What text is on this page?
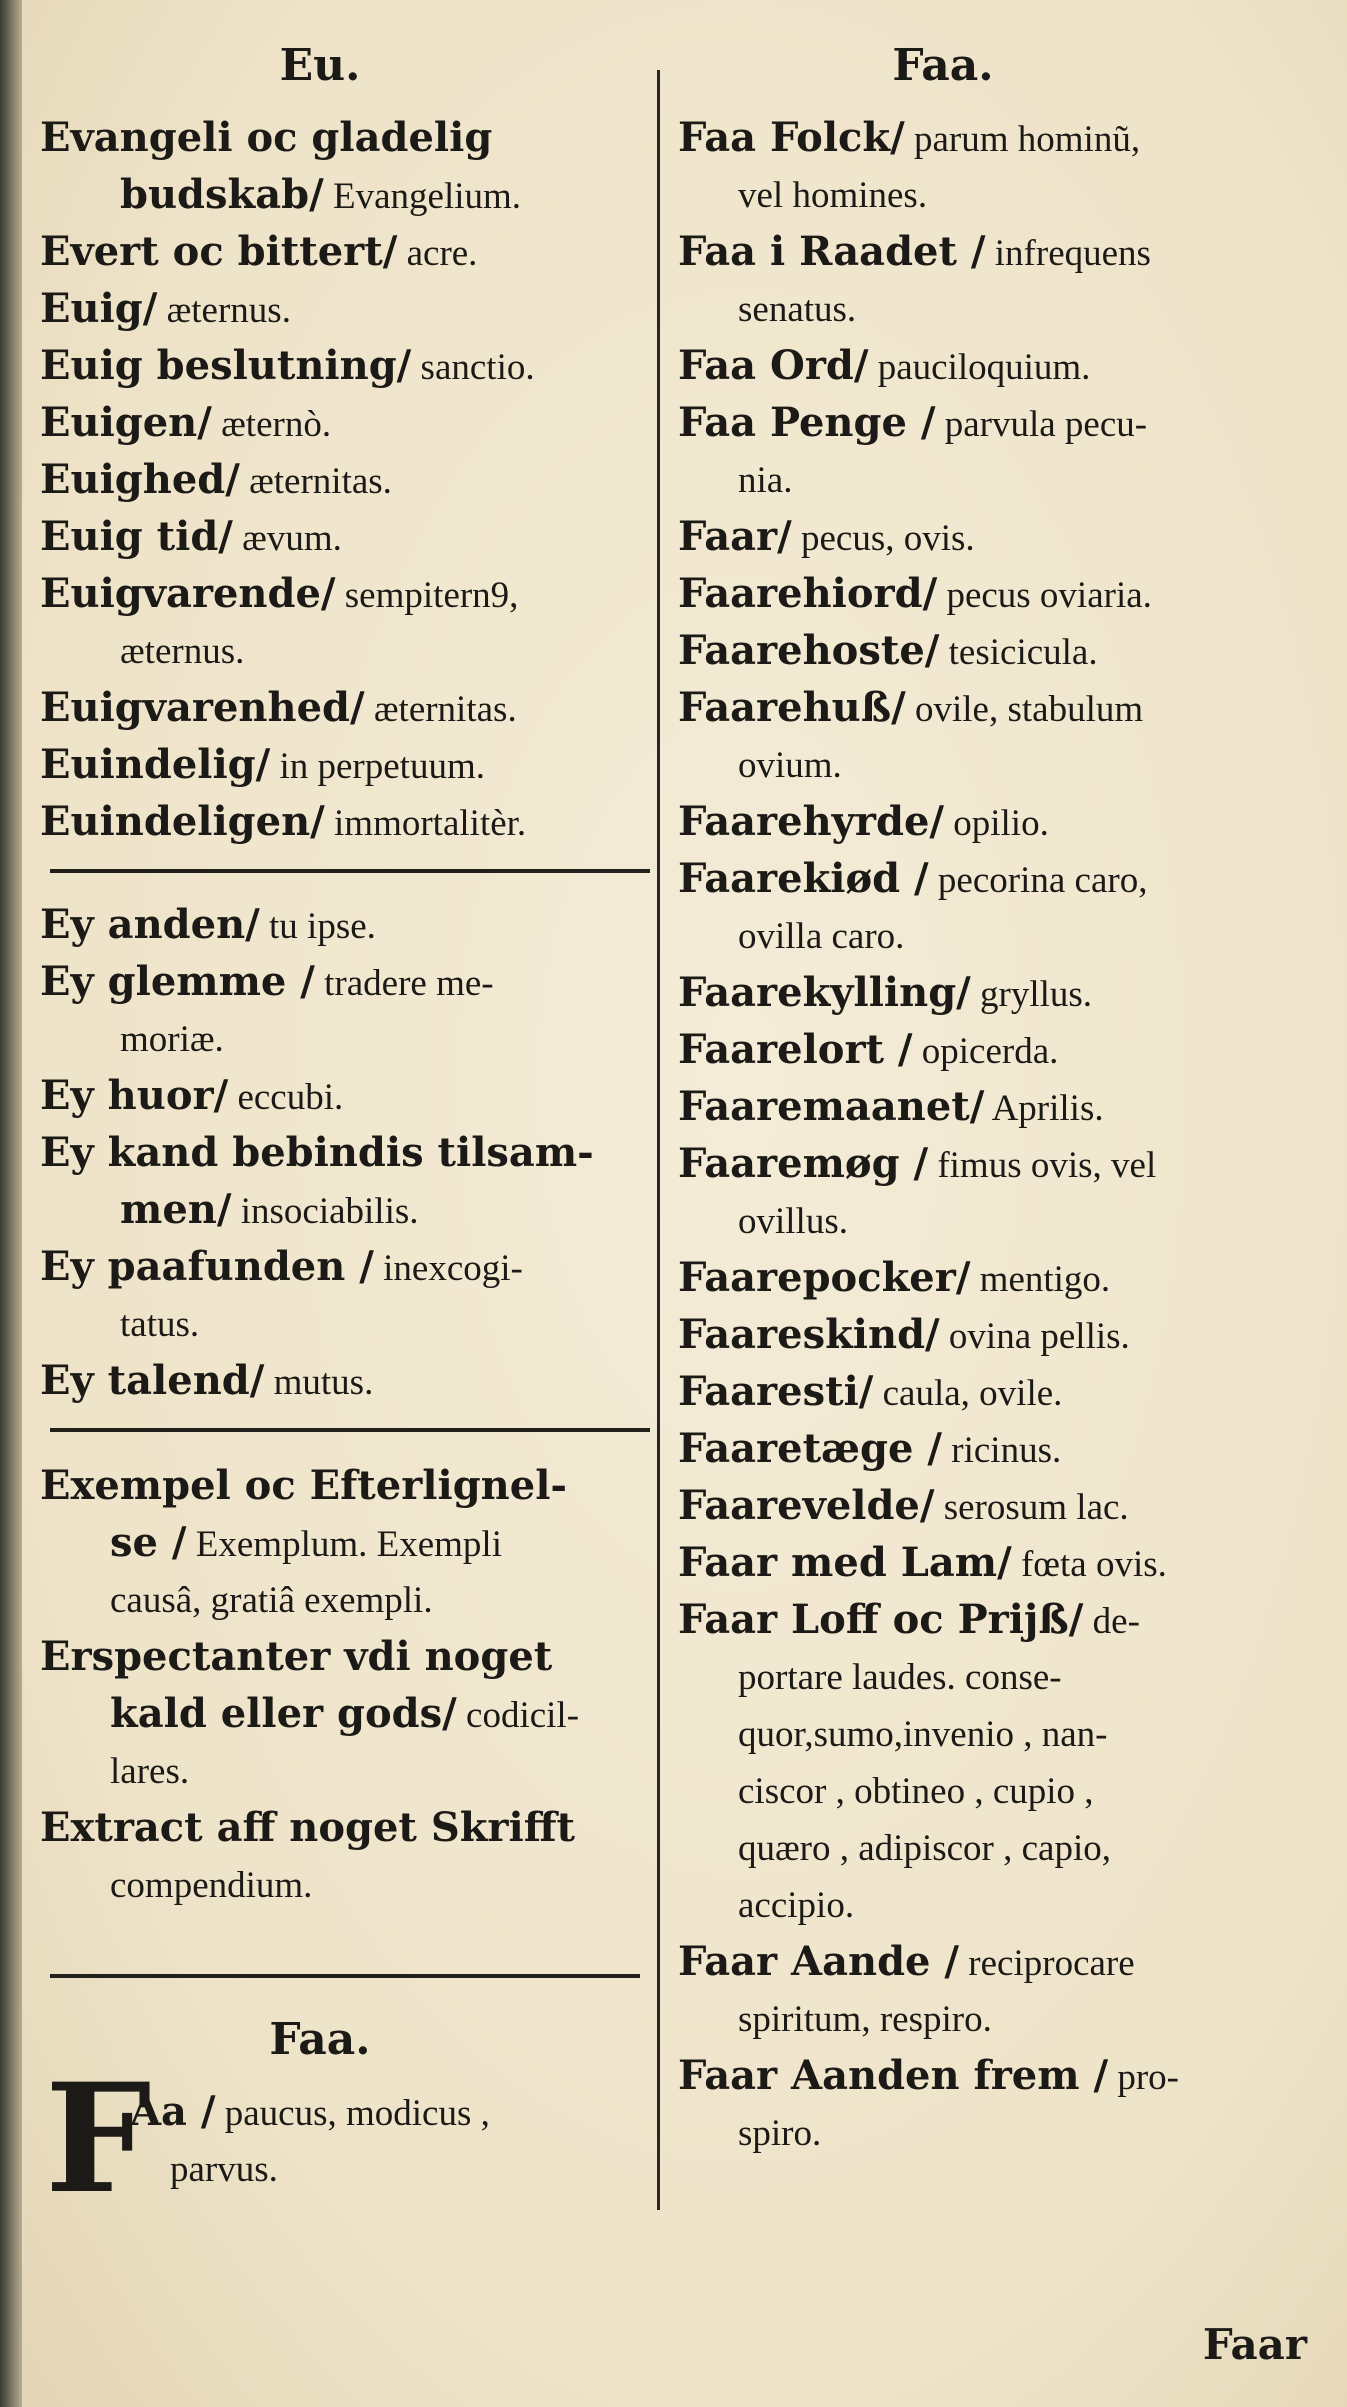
Eu.
Evangeli oc gladelig
budskab/ Evangelium.
Evert oc bittert/ acre.
Euig/ æternus.
Euig beslutning/ sanctio.
Euigen/ æternò.
Euighed/ æternitas.
Euig tid/ ævum.
Euigvarende/ sempitern9,
æternus.
Euigvarenhed/ æternitas.
Euindelig/ in perpetuum.
Euindeligen/ immortalitèr.
Ey anden/ tu ipse.
Ey glemme / tradere me-
moriæ.
Ey huor/ eccubi.
Ey kand bebindis tilsam-
men/ insociabilis.
Ey paafunden / inexcogi-
tatus.
Ey talend/ mutus.
Exempel oc Efterlignel-
se / Exemplum. Exempli
causâ, gratiâ exempli.
Erspectanter vdi noget
kald eller gods/ codicil-
lares.
Extract aff noget Skrifft
compendium.
Faa.
F
Aa / paucus, modicus ,
parvus.
Faa.
Faa Folck/ parum hominũ,
vel homines.
Faa i Raadet / infrequens
senatus.
Faa Ord/ pauciloquium.
Faa Penge / parvula pecu-
nia.
Faar/ pecus, ovis.
Faarehiord/ pecus oviaria.
Faarehoste/ tesicicula.
Faarehuß/ ovile, stabulum
ovium.
Faarehyrde/ opilio.
Faarekiød / pecorina caro,
ovilla caro.
Faarekylling/ gryllus.
Faarelort / opicerda.
Faaremaanet/ Aprilis.
Faaremøg / fimus ovis, vel
ovillus.
Faarepocker/ mentigo.
Faareskind/ ovina pellis.
Faaresti/ caula, ovile.
Faaretæge / ricinus.
Faarevelde/ serosum lac.
Faar med Lam/ fœta ovis.
Faar Loff oc Prijß/ de-
portare laudes. conse-
quor,sumo,invenio , nan-
ciscor , obtineo , cupio ,
quæro , adipiscor , capio,
accipio.
Faar Aande / reciprocare
spiritum, respiro.
Faar Aanden frem / pro-
spiro.
Faar
